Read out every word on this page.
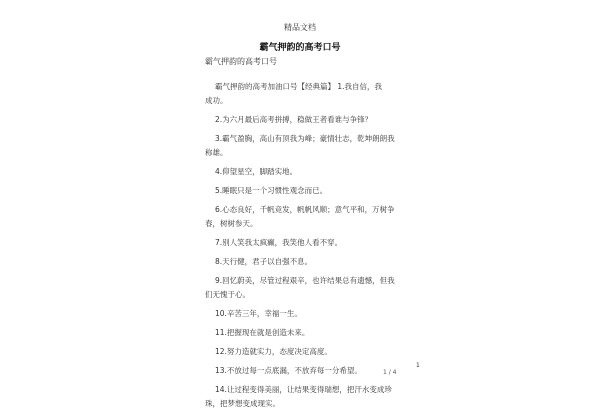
精品文档
霸气押韵的高考口号
霸气押韵的高考口号
霸气押韵的高考加油口号【经典篇】 1.我自信，我
成功。
2.为六月最后高考拼搏，稳做王者看谁与争锋？
3.霸气盈胸，高山有顶我为峰；豪情壮志，乾坤朗朗我
称雄。
4.仰望星空，脚踏实地。
5.睡眠只是一个习惯性观念而已。
6.心态良好，千帆竞发，帆帆风顺；意气平和，万树争
春，树树参天。
7.别人笑我太疯癫，我笑他人看不穿。
8.天行健，君子以自强不息。
9.回忆蔚美，尽管过程艰辛，也许结果总有遗憾，但我
们无愧于心。
10.辛苦三年，幸福一生。
11.把握现在就是创造未来。
12.努力造就实力，态度决定高度。
13.不放过每一点底漏，不放弃每一分希望。
14.让过程变得美丽，让结果变得瑞想，把汗水变成珍
珠，把梦想变成现实。
1 / 4
1
